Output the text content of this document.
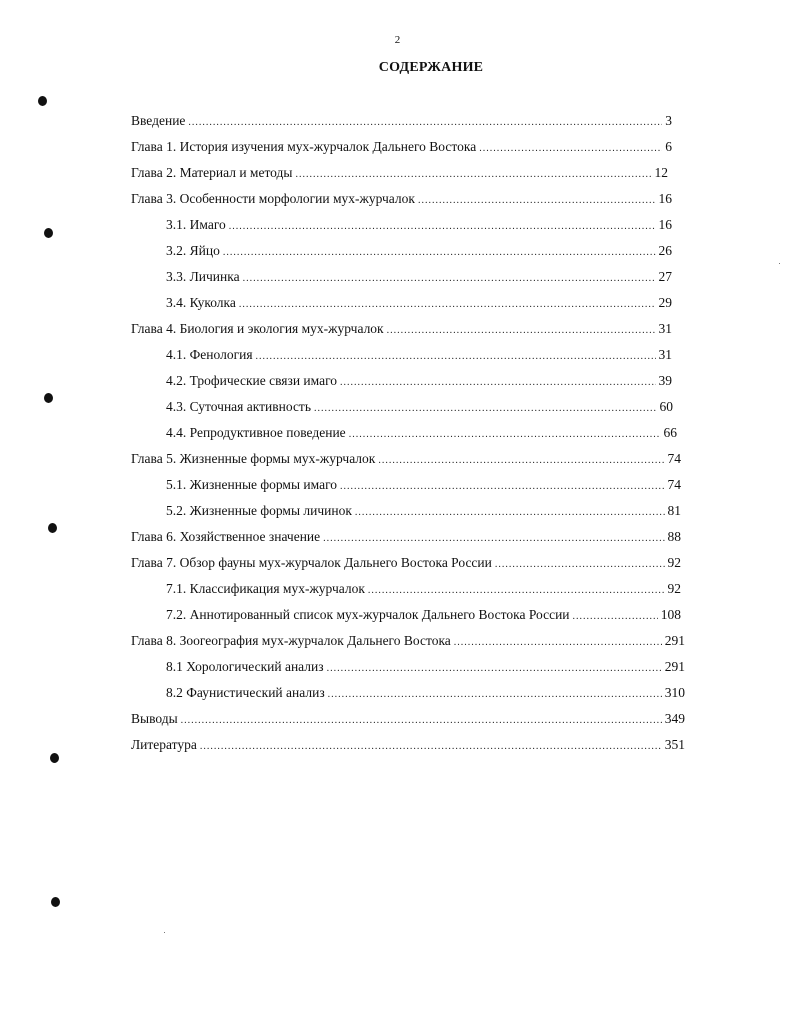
2
СОДЕРЖАНИЕ
Введение .....	3
Глава 1. История изучения мух-журчалок Дальнего Востока .....	6
Глава 2. Материал и методы .....	12
Глава 3. Особенности морфологии мух-журчалок .....	16
3.1. Имаго .....	16
3.2. Яйцо .....	26
3.3. Личинка .....	27
3.4. Куколка .....	29
Глава 4. Биология и экология мух-журчалок .....	31
4.1. Фенология .....	31
4.2. Трофические связи имаго .....	39
4.3. Суточная активность .....	60
4.4. Репродуктивное поведение .....	66
Глава 5. Жизненные формы мух-журчалок .....	74
5.1. Жизненные формы имаго .....	74
5.2. Жизненные формы личинок .....	81
Глава 6. Хозяйственное значение .....	88
Глава 7. Обзор фауны мух-журчалок Дальнего Востока России .....	92
7.1. Классификация мух-журчалок .....	92
7.2. Аннотированный список мух-журчалок Дальнего Востока России .....	108
Глава 8. Зоогеография мух-журчалок Дальнего Востока .....	291
8.1 Хорологический анализ .....	291
8.2 Фаунистический анализ .....	310
Выводы .....	349
Литература .....	351
